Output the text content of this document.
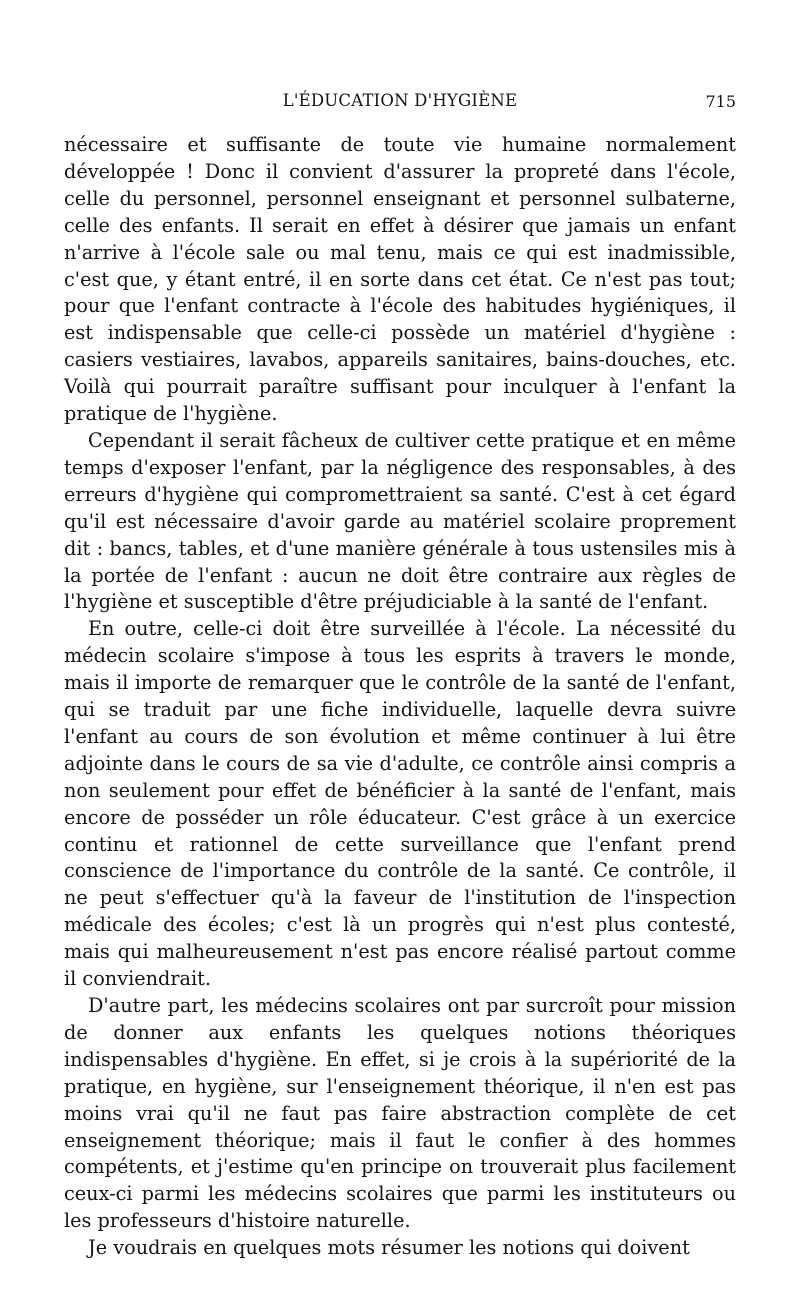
L'ÉDUCATION D'HYGIÈNE	715

nécessaire et suffisante de toute vie humaine normalement développée ! Donc il convient d'assurer la propreté dans l'école, celle du personnel, personnel enseignant et personnel sulbaterne, celle des enfants. Il serait en effet à désirer que jamais un enfant n'arrive à l'école sale ou mal tenu, mais ce qui est inadmissible, c'est que, y étant entré, il en sorte dans cet état. Ce n'est pas tout; pour que l'enfant contracte à l'école des habitudes hygiéniques, il est indispensable que celle-ci possède un matériel d'hygiène : casiers vestiaires, lavabos, appareils sanitaires, bains-douches, etc. Voilà qui pourrait paraître suffisant pour inculquer à l'enfant la pratique de l'hygiène.

Cependant il serait fâcheux de cultiver cette pratique et en même temps d'exposer l'enfant, par la négligence des responsables, à des erreurs d'hygiène qui compromettraient sa santé. C'est à cet égard qu'il est nécessaire d'avoir garde au matériel scolaire proprement dit : bancs, tables, et d'une manière générale à tous ustensiles mis à la portée de l'enfant : aucun ne doit être contraire aux règles de l'hygiène et susceptible d'être préjudiciable à la santé de l'enfant.

En outre, celle-ci doit être surveillée à l'école. La nécessité du médecin scolaire s'impose à tous les esprits à travers le monde, mais il importe de remarquer que le contrôle de la santé de l'enfant, qui se traduit par une fiche individuelle, laquelle devra suivre l'enfant au cours de son évolution et même continuer à lui être adjointe dans le cours de sa vie d'adulte, ce contrôle ainsi compris a non seulement pour effet de bénéficier à la santé de l'enfant, mais encore de posséder un rôle éducateur. C'est grâce à un exercice continu et rationnel de cette surveillance que l'enfant prend conscience de l'importance du contrôle de la santé. Ce contrôle, il ne peut s'effectuer qu'à la faveur de l'institution de l'inspection médicale des écoles; c'est là un progrès qui n'est plus contesté, mais qui malheureusement n'est pas encore réalisé partout comme il conviendrait.

D'autre part, les médecins scolaires ont par surcroît pour mission de donner aux enfants les quelques notions théoriques indispensables d'hygiène. En effet, si je crois à la supériorité de la pratique, en hygiène, sur l'enseignement théorique, il n'en est pas moins vrai qu'il ne faut pas faire abstraction complète de cet enseignement théorique; mais il faut le confier à des hommes compétents, et j'estime qu'en principe on trouverait plus facilement ceux-ci parmi les médecins scolaires que parmi les instituteurs ou les professeurs d'histoire naturelle.

Je voudrais en quelques mots résumer les notions qui doivent
